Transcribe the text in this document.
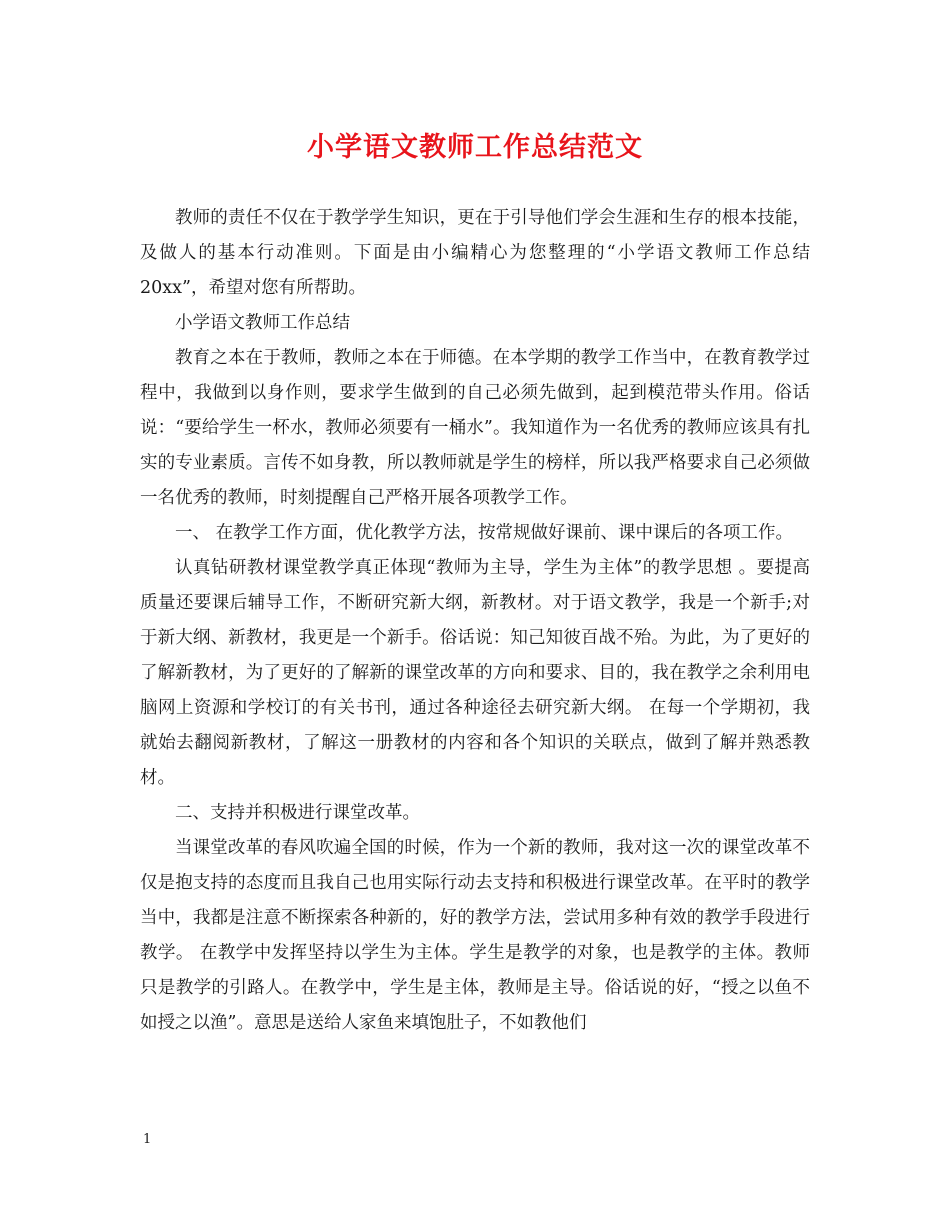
小学语文教师工作总结范文

教师的责任不仅在于教学学生知识，更在于引导他们学会生涯和生存的根本技能，及做人的基本行动准则。下面是由小编精心为您整理的“小学语文教师工作总结20xx”，希望对您有所帮助。

小学语文教师工作总结

教育之本在于教师，教师之本在于师德。在本学期的教学工作当中，在教育教学过程中，我做到以身作则，要求学生做到的自己必须先做到，起到模范带头作用。俗话说：“要给学生一杯水，教师必须要有一桶水”。我知道作为一名优秀的教师应该具有扎实的专业素质。言传不如身教，所以教师就是学生的榜样，所以我严格要求自己必须做一名优秀的教师，时刻提醒自己严格开展各项教学工作。

一、 在教学工作方面，优化教学方法，按常规做好课前、课中课后的各项工作。

认真钻研教材课堂教学真正体现“教师为主导，学生为主体”的教学思想 。要提高质量还要课后辅导工作，不断研究新大纲，新教材。对于语文教学，我是一个新手;对于新大纲、新教材，我更是一个新手。俗话说：知己知彼百战不殆。为此，为了更好的了解新教材，为了更好的了解新的课堂改革的方向和要求、目的，我在教学之余利用电脑网上资源和学校订的有关书刊，通过各种途径去研究新大纲。 在每一个学期初，我就始去翻阅新教材，了解这一册教材的内容和各个知识的关联点，做到了解并熟悉教材。

二、支持并积极进行课堂改革。

当课堂改革的春风吹遍全国的时候，作为一个新的教师，我对这一次的课堂改革不仅是抱支持的态度而且我自己也用实际行动去支持和积极进行课堂改革。在平时的教学当中，我都是注意不断探索各种新的，好的教学方法，尝试用多种有效的教学手段进行教学。 在教学中发挥坚持以学生为主体。学生是教学的对象，也是教学的主体。教师只是教学的引路人。在教学中，学生是主体，教师是主导。俗话说的好，“授之以鱼不如授之以渔”。意思是送给人家鱼来填饱肚子，不如教他们

1
